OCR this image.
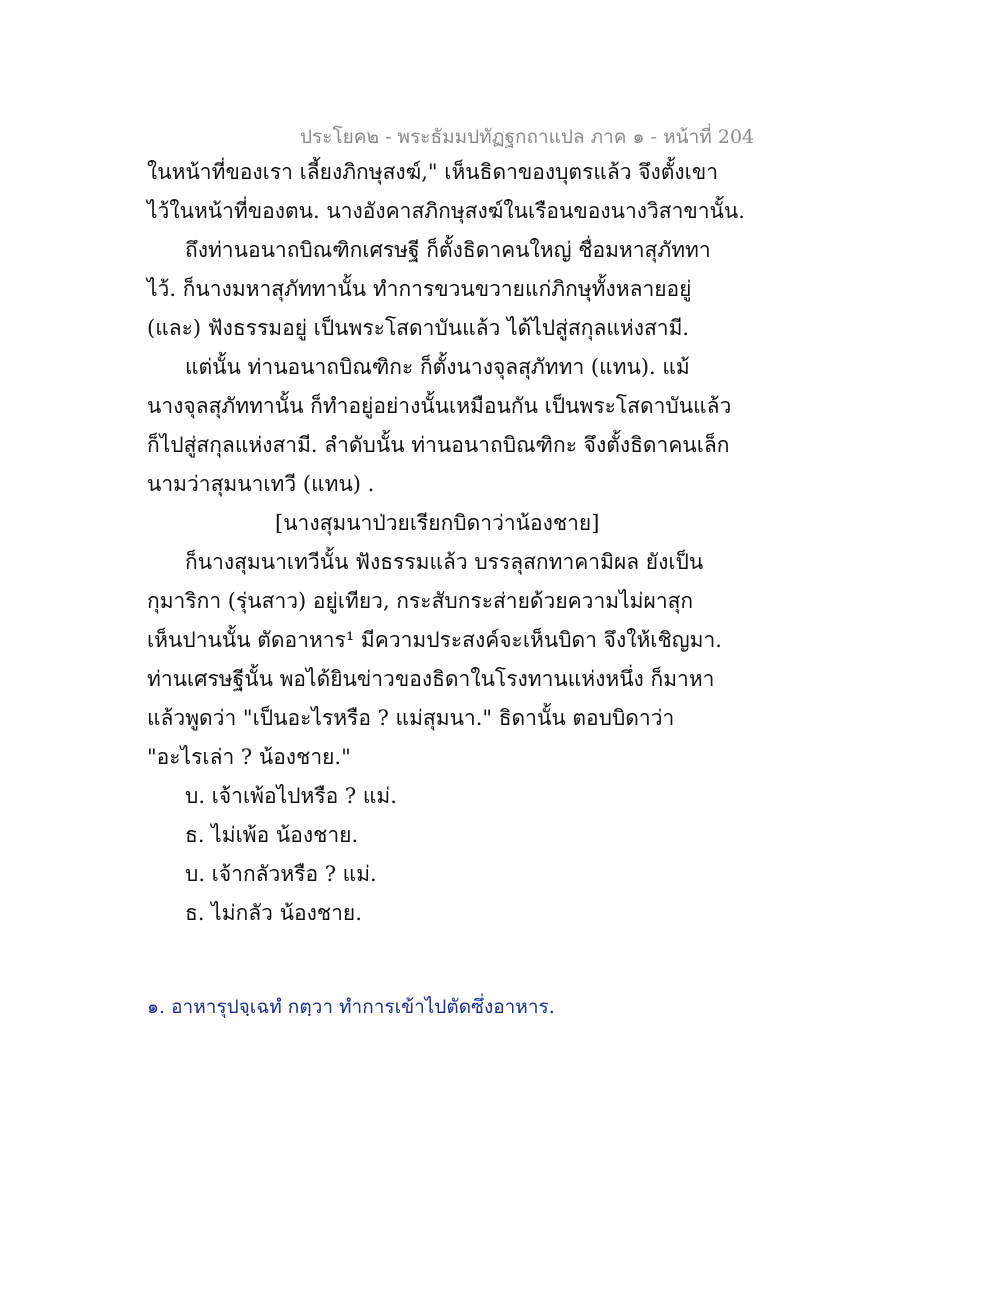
ประโยค๒ - พระธัมมปทัฏฐกถาแปล ภาค ๑ - หน้าที่ 204
ในหน้าที่ของเรา เลี้ยงภิกษุสงฆ์," เห็นธิดาของบุตรแล้ว จึงตั้งเขา
ไว้ในหน้าที่ของตน. นางอังคาสภิกษุสงฆ์ในเรือนของนางวิสาขานั้น.
ถึงท่านอนาถบิณฑิกเศรษฐี ก็ตั้งธิดาคนใหญ่ ชื่อมหาสุภัททา
ไว้. ก็นางมหาสุภัททานั้น ทำการขวนขวายแก่ภิกษุทั้งหลายอยู่
(และ) ฟังธรรมอยู่ เป็นพระโสดาบันแล้ว ได้ไปสู่สกุลแห่งสามี.
แต่นั้น ท่านอนาถบิณฑิกะ ก็ตั้งนางจุลสุภัททา (แทน). แม้
นางจุลสุภัททานั้น ก็ทำอยู่อย่างนั้นเหมือนกัน เป็นพระโสดาบันแล้ว
ก็ไปสู่สกุลแห่งสามี. ลำดับนั้น ท่านอนาถบิณฑิกะ จึงตั้งธิดาคนเล็ก
นามว่าสุมนาเทวี (แทน) .
[นางสุมนาป่วยเรียกบิดาว่าน้องชาย]
ก็นางสุมนาเทวีนั้น ฟังธรรมแล้ว บรรลุสกทาคามิผล ยังเป็น
กุมาริกา (รุ่นสาว) อยู่เทียว, กระสับกระส่ายด้วยความไม่ผาสุก
เห็นปานนั้น ตัดอาหาร¹ มีความประสงค์จะเห็นบิดา จึงให้เชิญมา.
ท่านเศรษฐีนั้น พอได้ยินข่าวของธิดาในโรงทานแห่งหนึ่ง ก็มาหา
แล้วพูดว่า "เป็นอะไรหรือ ? แม่สุมนา." ธิดานั้น ตอบบิดาว่า
"อะไรเล่า ? น้องชาย."
บ. เจ้าเพ้อไปหรือ ? แม่.
ธ. ไม่เพ้อ น้องชาย.
บ. เจ้ากลัวหรือ ? แม่.
ธ. ไม่กลัว น้องชาย.
๑. อาหารุปจฺเฉทํ กตฺวา ทำการเข้าไปตัดซึ่งอาหาร.
